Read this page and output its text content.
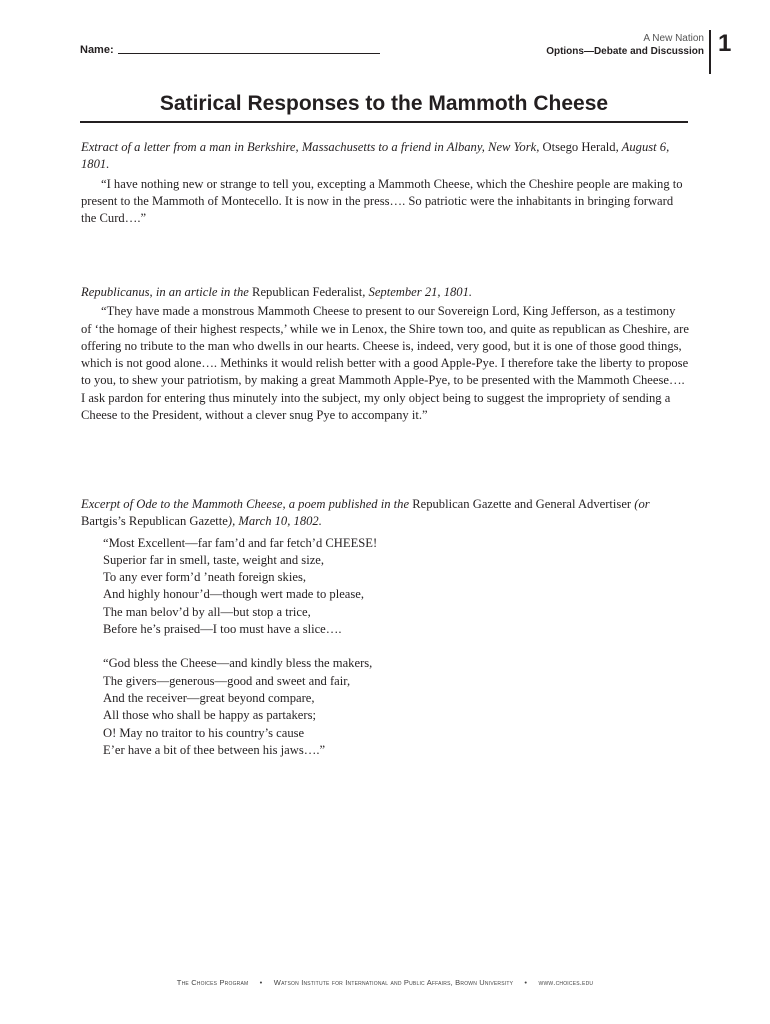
Name:
A New Nation
Options—Debate and Discussion 1
Satirical Responses to the Mammoth Cheese

Extract of a letter from a man in Berkshire, Massachusetts to a friend in Albany, New York, Otsego Herald, August 6, 1801.

“I have nothing new or strange to tell you, excepting a Mammoth Cheese, which the Cheshire people are making to present to the Mammoth of Montecello. It is now in the press…. So patriotic were the inhabitants in bringing forward the Curd….”

Republicanus, in an article in the Republican Federalist, September 21, 1801.

“They have made a monstrous Mammoth Cheese to present to our Sovereign Lord, King Jefferson, as a testimony of ‘the homage of their highest respects,’ while we in Lenox, the Shire town too, and quite as republican as Cheshire, are offering no tribute to the man who dwells in our hearts. Cheese is, indeed, very good, but it is one of those good things, which is not good alone…. Methinks it would relish better with a good Apple-Pye. I therefore take the liberty to propose to you, to shew your patriotism, by making a great Mammoth Apple-Pye, to be presented with the Mammoth Cheese…. I ask pardon for entering thus minutely into the subject, my only object being to suggest the impropriety of sending a Cheese to the President, without a clever snug Pye to accompany it.”

Excerpt of Ode to the Mammoth Cheese, a poem published in the Republican Gazette and General Advertiser (or Bartgis’s Republican Gazette), March 10, 1802.

“Most Excellent—far fam’d and far fetch’d CHEESE!
Superior far in smell, taste, weight and size,
To any ever form’d ’neath foreign skies,
And highly honour’d—though wert made to please,
The man belov’d by all—but stop a trice,
Before he’s praised—I too must have a slice….
“God bless the Cheese—and kindly bless the makers,
The givers—generous—good and sweet and fair,
And the receiver—great beyond compare,
All those who shall be happy as partakers;
O! May no traitor to his country’s cause
E’er have a bit of thee between his jaws….”
The Choices Program • Watson Institute for International and Public Affairs, Brown University • www.choices.edu
